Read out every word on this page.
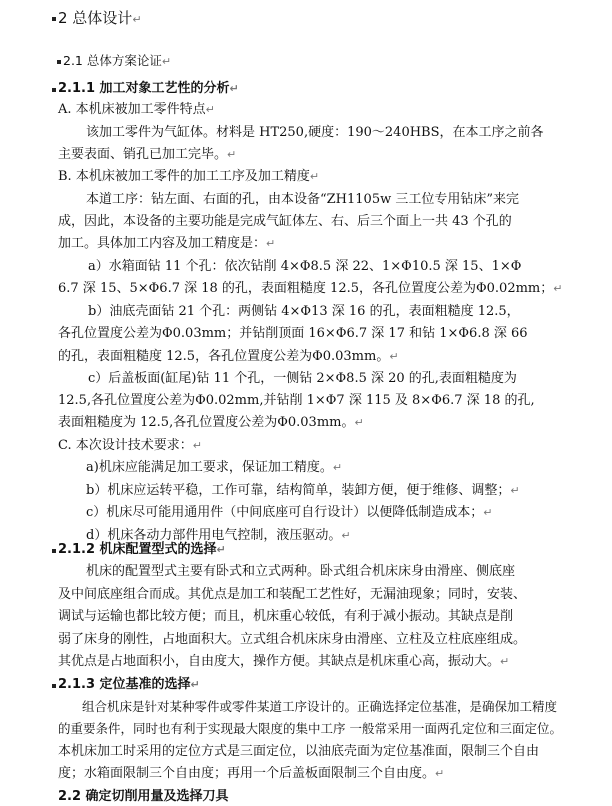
2 总体设计↵
2.1 总体方案论证↵
2.1.1 加工对象工艺性的分析↵
A. 本机床被加工零件特点↵
该加工零件为气缸体。材料是 HT250,硬度：190～240HBS，在本工序之前各
主要表面、销孔已加工完毕。↵
B. 本机床被加工零件的加工工序及加工精度↵
本道工序：钻左面、右面的孔，由本设备“ZH1105w 三工位专用钻床”来完
成，因此，本设备的主要功能是完成气缸体左、右、后三个面上一共 43 个孔的
加工。具体加工内容及加工精度是：↵
a）水箱面钻 11 个孔：依次钻削 4×Φ8.5 深 22、1×Φ10.5 深 15、1×Φ
6.7 深 15、5×Φ6.7 深 18 的孔，表面粗糙度 12.5，各孔位置度公差为Φ0.02mm；↵
b）油底壳面钻 21 个孔：两侧钻 4×Φ13 深 16 的孔，表面粗糙度 12.5，
各孔位置度公差为Φ0.03mm；并钻削顶面 16×Φ6.7 深 17 和钻 1×Φ6.8 深 66
的孔，表面粗糙度 12.5，各孔位置度公差为Φ0.03mm。↵
c）后盖板面(缸尾)钻 11 个孔，一侧钻 2×Φ8.5 深 20 的孔,表面粗糙度为
12.5,各孔位置度公差为Φ0.02mm,并钻削 1×Φ7 深 115 及 8×Φ6.7 深 18 的孔,
表面粗糙度为 12.5,各孔位置度公差为Φ0.03mm。↵
C. 本次设计技术要求：↵
a)机床应能满足加工要求，保证加工精度。↵
b）机床应运转平稳，工作可靠，结构简单，装卸方便，便于维修、调整；↵
c）机床尽可能用通用件（中间底座可自行设计）以便降低制造成本；↵
d）机床各动力部件用电气控制，液压驱动。↵
2.1.2 机床配置型式的选择↵
机床的配置型式主要有卧式和立式两种。卧式组合机床床身由滑座、侧底座
及中间底座组合而成。其优点是加工和装配工艺性好，无漏油现象；同时，安装、
调试与运输也都比较方便；而且，机床重心较低，有利于减小振动。其缺点是削
弱了床身的刚性，占地面积大。立式组合机床床身由滑座、立柱及立柱底座组成。
其优点是占地面积小，自由度大，操作方便。其缺点是机床重心高，振动大。↵
2.1.3 定位基准的选择↵
组合机床是针对某种零件或零件某道工序设计的。正确选择定位基准，是确保加工精度
的重要条件，同时也有利于实现最大限度的集中工序 一般常采用一面两孔定位和三面定位。
本机床加工时采用的定位方式是三面定位，以油底壳面为定位基准面，限制三个自由
度；水箱面限制三个自由度；再用一个后盖板面限制三个自由度。↵
2.2 确定切削用量及选择刀具
